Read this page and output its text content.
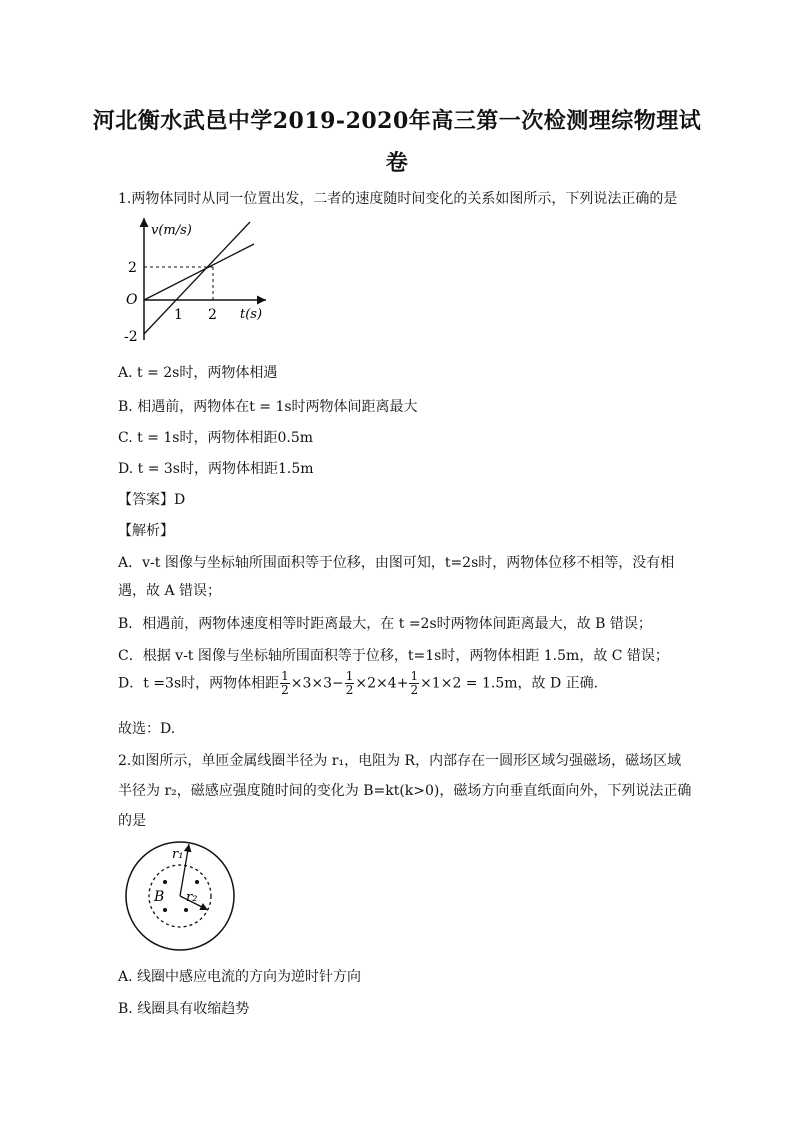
河北衡水武邑中学2019-2020年高三第一次检测理综物理试
卷
1.两物体同时从同一位置出发，二者的速度随时间变化的关系如图所示，下列说法正确的是
v(m/s)
t(s)
O
2
-2
1 2
A. t = 2s时，两物体相遇
B. 相遇前，两物体在t = 1s时两物体间距离最大
C. t = 1s时，两物体相距0.5m
D. t = 3s时，两物体相距1.5m
【答案】D
【解析】
A．v-t 图像与坐标轴所围面积等于位移，由图可知，t=2s时，两物体位移不相等，没有相
遇，故 A 错误；
B．相遇前，两物体速度相等时距离最大，在 t =2s时两物体间距离最大，故 B 错误；
C．根据 v-t 图像与坐标轴所围面积等于位移，t=1s时，两物体相距 1.5m，故 C 错误；
D．t =3s时，两物体相距 $\frac{1}{2} \times 3\times 3- \frac{1}{2} \times 2\times 4+ \frac{1}{2} \times 1\times 2 = 1.5m$，故 D 正确．
故选：D.
2.如图所示，单匝金属线圈半径为 r₁，电阻为 R，内部存在一圆形区域匀强磁场，磁场区域
半径为 r₂，磁感应强度随时间的变化为 B=kt(k>0)，磁场方向垂直纸面向外，下列说法正确
的是
r₁
r₂
B
A. 线圈中感应电流的方向为逆时针方向
B. 线圈具有收缩趋势
